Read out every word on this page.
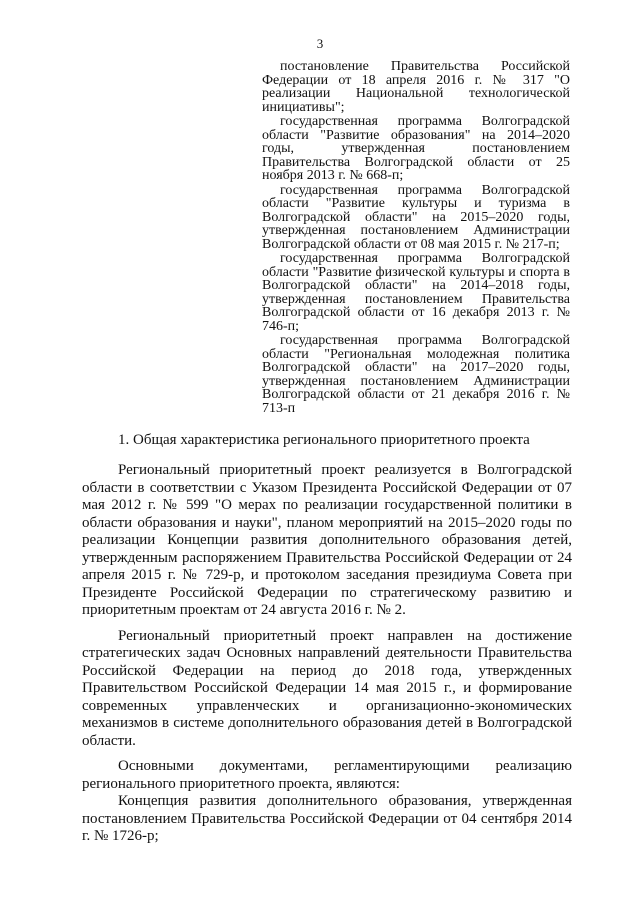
3

постановление Правительства Российской Федерации от 18 апреля 2016 г. № 317 "О реализации Национальной технологической инициативы";

государственная программа Волгоградской области "Развитие образования" на 2014–2020 годы, утвержденная постановлением Правительства Волгоградской области от 25 ноября 2013 г. № 668-п;

государственная программа Волгоградской области "Развитие культуры и туризма в Волгоградской области" на 2015–2020 годы, утвержденная постановлением Администрации Волгоградской области от 08 мая 2015 г. № 217-п;

государственная программа Волгоградской области "Развитие физической культуры и спорта в Волгоградской области" на 2014–2018 годы, утвержденная постановлением Правительства Волгоградской области от 16 декабря 2013 г. № 746-п;

государственная программа Волгоградской области "Региональная молодежная политика Волгоградской области" на 2017–2020 годы, утвержденная постановлением Администрации Волгоградской области от 21 декабря 2016 г. № 713-п

1. Общая характеристика регионального приоритетного проекта

Региональный приоритетный проект реализуется в Волгоградской области в соответствии с Указом Президента Российской Федерации от 07 мая 2012 г. № 599 "О мерах по реализации государственной политики в области образования и науки", планом мероприятий на 2015–2020 годы по реализации Концепции развития дополнительного образования детей, утвержденным распоряжением Правительства Российской Федерации от 24 апреля 2015 г. № 729-р, и протоколом заседания президиума Совета при Президенте Российской Федерации по стратегическому развитию и приоритетным проектам от 24 августа 2016 г. № 2.

Региональный приоритетный проект направлен на достижение стратегических задач Основных направлений деятельности Правительства Российской Федерации на период до 2018 года, утвержденных Правительством Российской Федерации 14 мая 2015 г., и формирование современных управленческих и организационно-экономических механизмов в системе дополнительного образования детей в Волгоградской области.

Основными документами, регламентирующими реализацию регионального приоритетного проекта, являются:

Концепция развития дополнительного образования, утвержденная постановлением Правительства Российской Федерации от 04 сентября 2014 г. № 1726-р;
